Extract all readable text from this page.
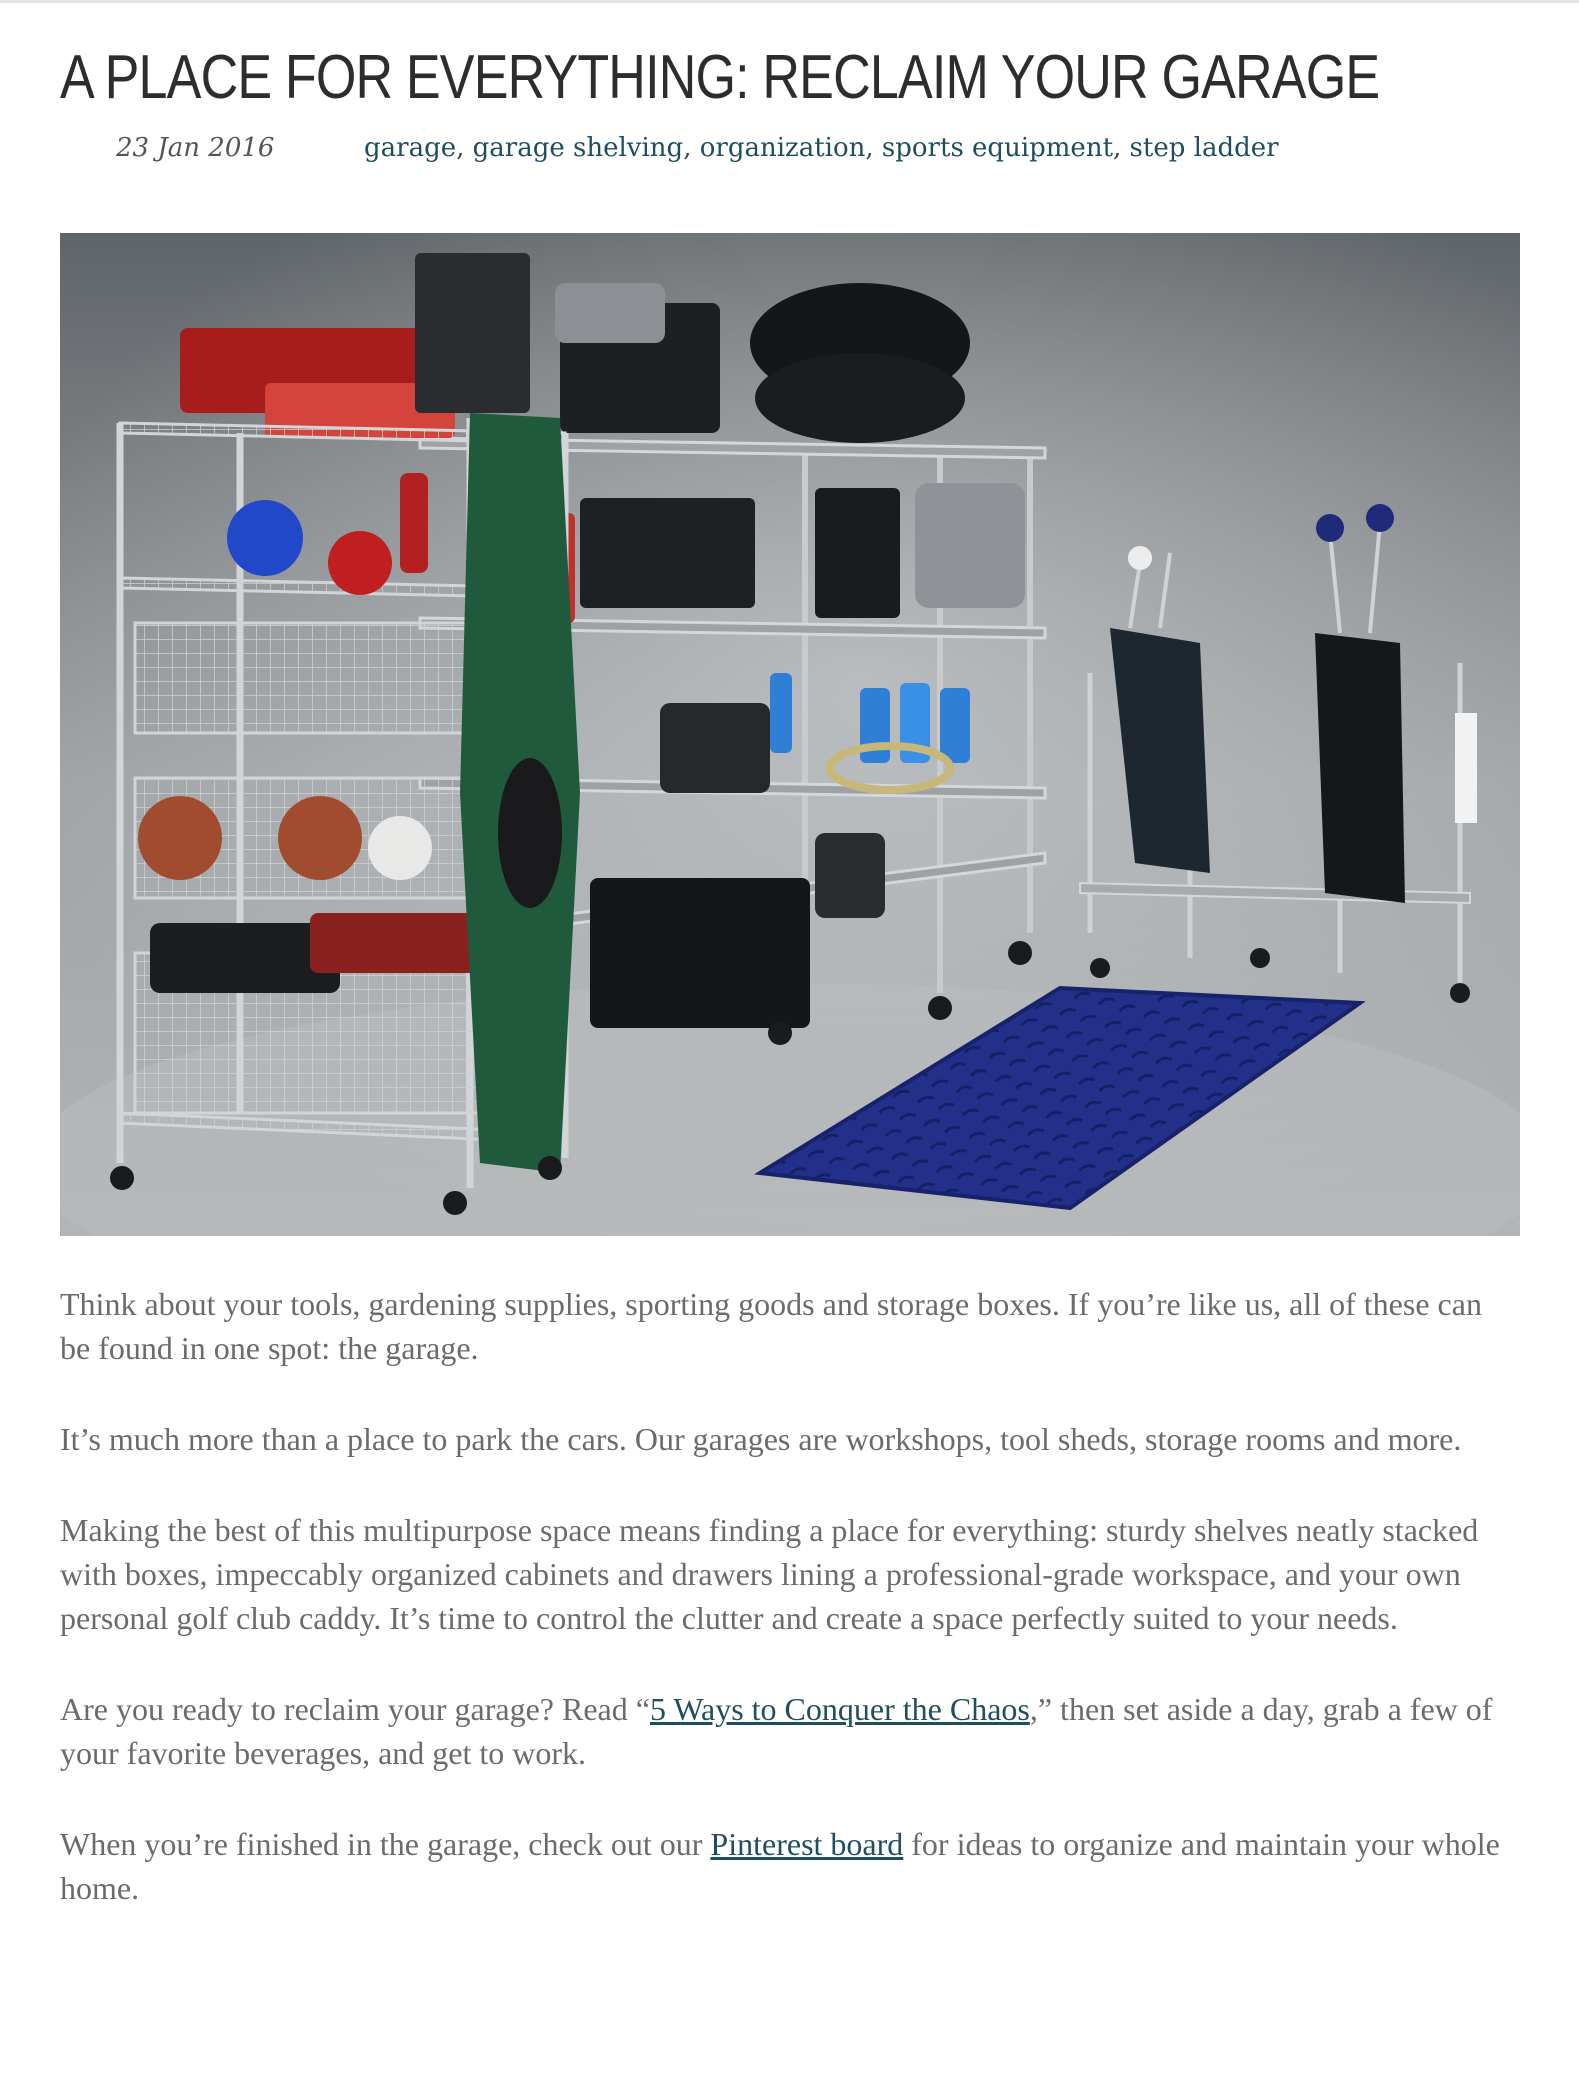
A PLACE FOR EVERYTHING: RECLAIM YOUR GARAGE
23 Jan 2016	garage, garage shelving, organization, sports equipment, step ladder

Think about your tools, gardening supplies, sporting goods and storage boxes. If you’re like us, all of these can be found in one spot: the garage.

It’s much more than a place to park the cars. Our garages are workshops, tool sheds, storage rooms and more.

Making the best of this multipurpose space means finding a place for everything: sturdy shelves neatly stacked with boxes, impeccably organized cabinets and drawers lining a professional-grade workspace, and your own personal golf club caddy. It’s time to control the clutter and create a space perfectly suited to your needs.

Are you ready to reclaim your garage? Read “5 Ways to Conquer the Chaos,” then set aside a day, grab a few of your favorite beverages, and get to work.

When you’re finished in the garage, check out our Pinterest board for ideas to organize and maintain your whole home.
